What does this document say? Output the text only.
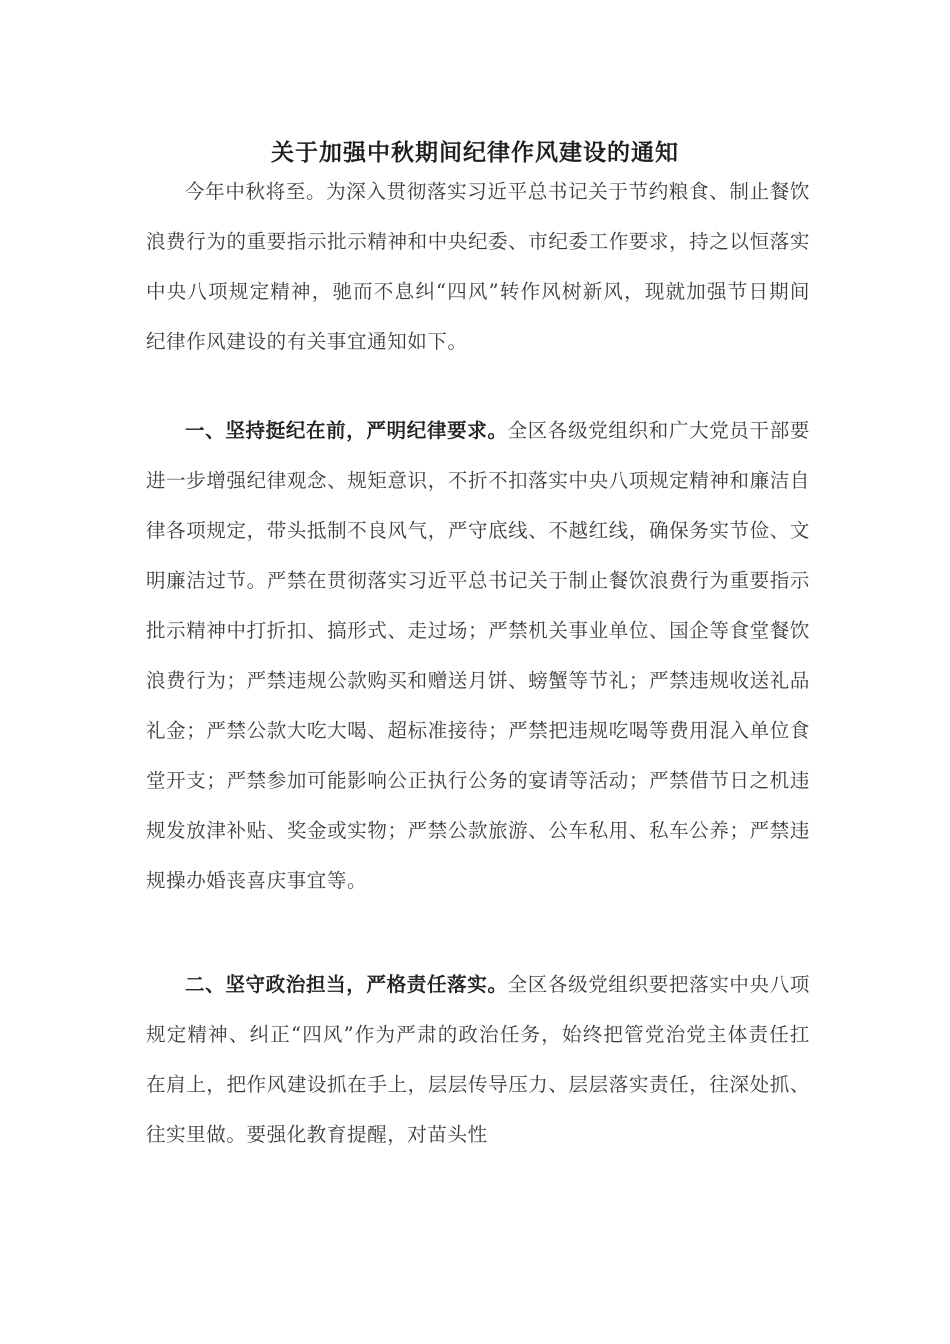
关于加强中秋期间纪律作风建设的通知

今年中秋将至。为深入贯彻落实习近平总书记关于节约粮食、制止餐饮浪费行为的重要指示批示精神和中央纪委、市纪委工作要求，持之以恒落实中央八项规定精神，驰而不息纠“四风”转作风树新风，现就加强节日期间纪律作风建设的有关事宜通知如下。

一、坚持挺纪在前，严明纪律要求。全区各级党组织和广大党员干部要进一步增强纪律观念、规矩意识，不折不扣落实中央八项规定精神和廉洁自律各项规定，带头抵制不良风气，严守底线、不越红线，确保务实节俭、文明廉洁过节。严禁在贯彻落实习近平总书记关于制止餐饮浪费行为重要指示批示精神中打折扣、搞形式、走过场；严禁机关事业单位、国企等食堂餐饮浪费行为；严禁违规公款购买和赠送月饼、螃蟹等节礼；严禁违规收送礼品礼金；严禁公款大吃大喝、超标准接待；严禁把违规吃喝等费用混入单位食堂开支；严禁参加可能影响公正执行公务的宴请等活动；严禁借节日之机违规发放津补贴、奖金或实物；严禁公款旅游、公车私用、私车公养；严禁违规操办婚丧喜庆事宜等。

二、坚守政治担当，严格责任落实。全区各级党组织要把落实中央八项规定精神、纠正“四风”作为严肃的政治任务，始终把管党治党主体责任扛在肩上，把作风建设抓在手上，层层传导压力、层层落实责任，往深处抓、往实里做。要强化教育提醒，对苗头性
